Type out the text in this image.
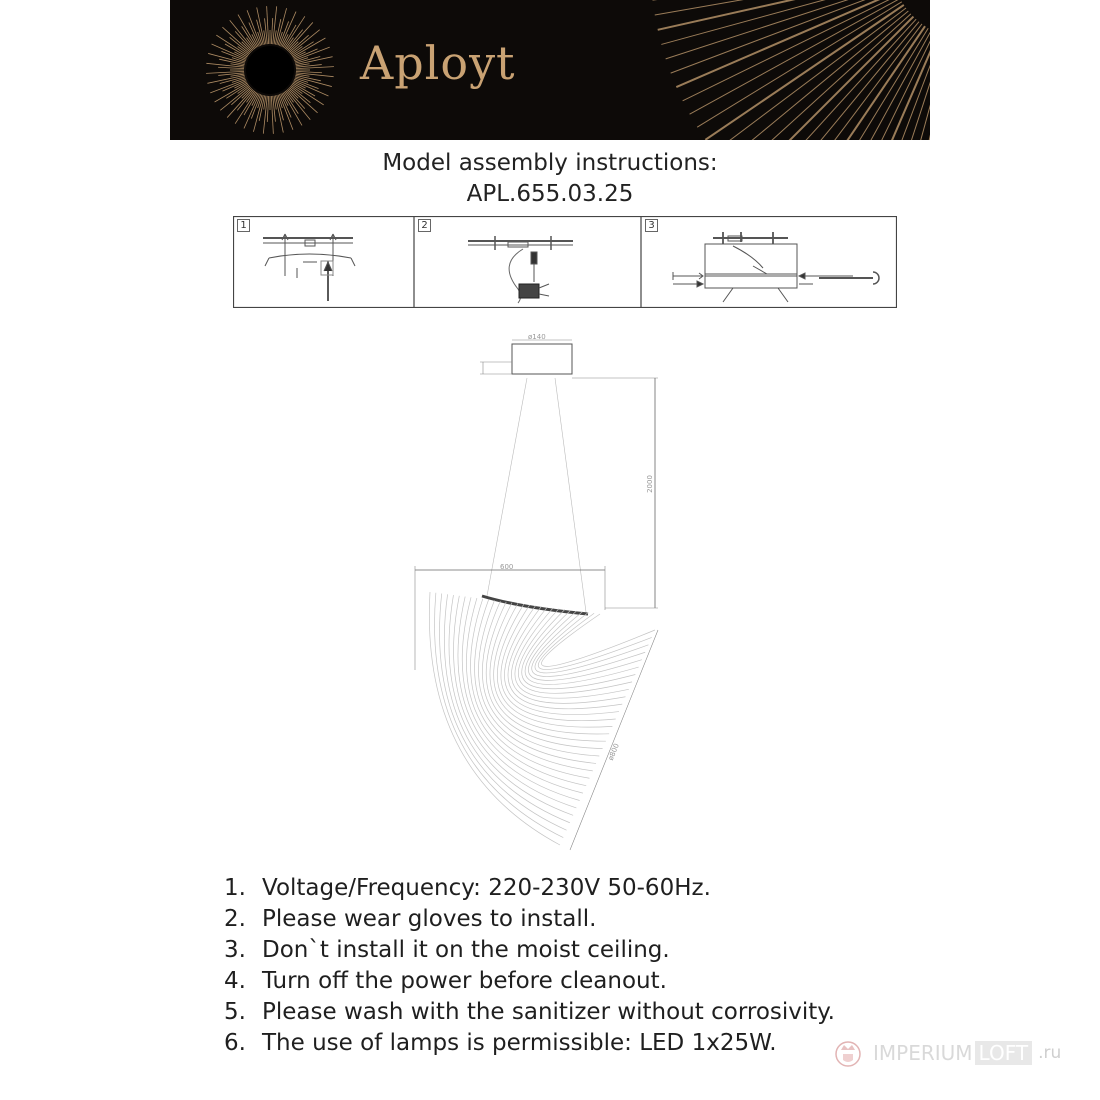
Aployt
Model assembly instructions:
APL.655.03.25
1	2	3
ø140
2000
600
ø800
1. Voltage/Frequency: 220-230V 50-60Hz.
2. Please wear gloves to install.
3. Don`t install it on the moist ceiling.
4. Turn off the power before cleanout.
5. Please wash with the sanitizer without corrosivity.
6. The use of lamps is permissible: LED 1x25W.	IMPERIUM LOFT .ru
